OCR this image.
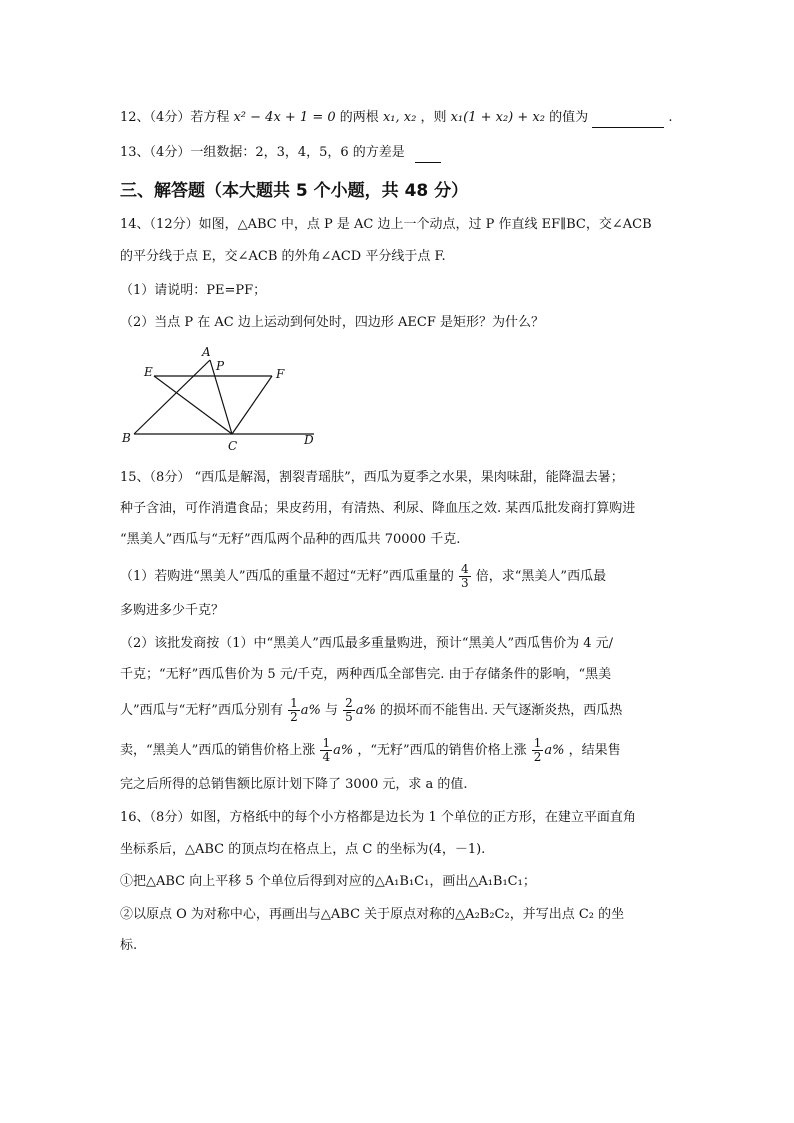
12、（4分）若方程 x² − 4x + 1 = 0 的两根 x₁, x₂ ，则 x₁(1 + x₂) + x₂ 的值为	.
13、（4分）一组数据：2，3，4，5，6 的方差是
三、解答题（本大题共 5 个小题，共 48 分）
14、（12分）如图，△ABC 中，点 P 是 AC 边上一个动点，过 P 作直线 EF∥BC，交∠ACB
的平分线于点 E，交∠ACB 的外角∠ACD 平分线于点 F.
（1）请说明：PE=PF；
（2）当点 P 在 AC 边上运动到何处时，四边形 AECF 是矩形？为什么？
A
P
E	F
B
C	D
15、（8分） “西瓜是解渴，割裂青瑶肤”，西瓜为夏季之水果，果肉味甜，能降温去暑；
种子含油，可作消遣食品；果皮药用，有清热、利尿、降血压之效. 某西瓜批发商打算购进
“黑美人”西瓜与“无籽”西瓜两个品种的西瓜共 70000 千克.
（1）若购进“黑美人”西瓜的重量不超过“无籽”西瓜重量的 $\frac{4}{3}$ 倍，求“黑美人”西瓜最
多购进多少千克？
（2）该批发商按（1）中“黑美人”西瓜最多重量购进，预计“黑美人”西瓜售价为 4 元/
千克；“无籽”西瓜售价为 5 元/千克，两种西瓜全部售完. 由于存储条件的影响，“黑美
人”西瓜与“无籽”西瓜分别有 $\frac{1}{2} a\%$ 与 $\frac{2}{5} a\%$ 的损坏而不能售出. 天气逐渐炎热，西瓜热
卖，“黑美人”西瓜的销售价格上涨 $\frac{1}{4} a\%$ ，“无籽”西瓜的销售价格上涨 $\frac{1}{2} a\%$ ，结果售
完之后所得的总销售额比原计划下降了 3000 元，求 a 的值.
16、（8分）如图，方格纸中的每个小方格都是边长为 1 个单位的正方形，在建立平面直角
坐标系后，△ABC 的顶点均在格点上，点 C 的坐标为(4，－1).
①把△ABC 向上平移 5 个单位后得到对应的△A₁B₁C₁，画出△A₁B₁C₁；
②以原点 O 为对称中心，再画出与△ABC 关于原点对称的△A₂B₂C₂，并写出点 C₂ 的坐
标.
